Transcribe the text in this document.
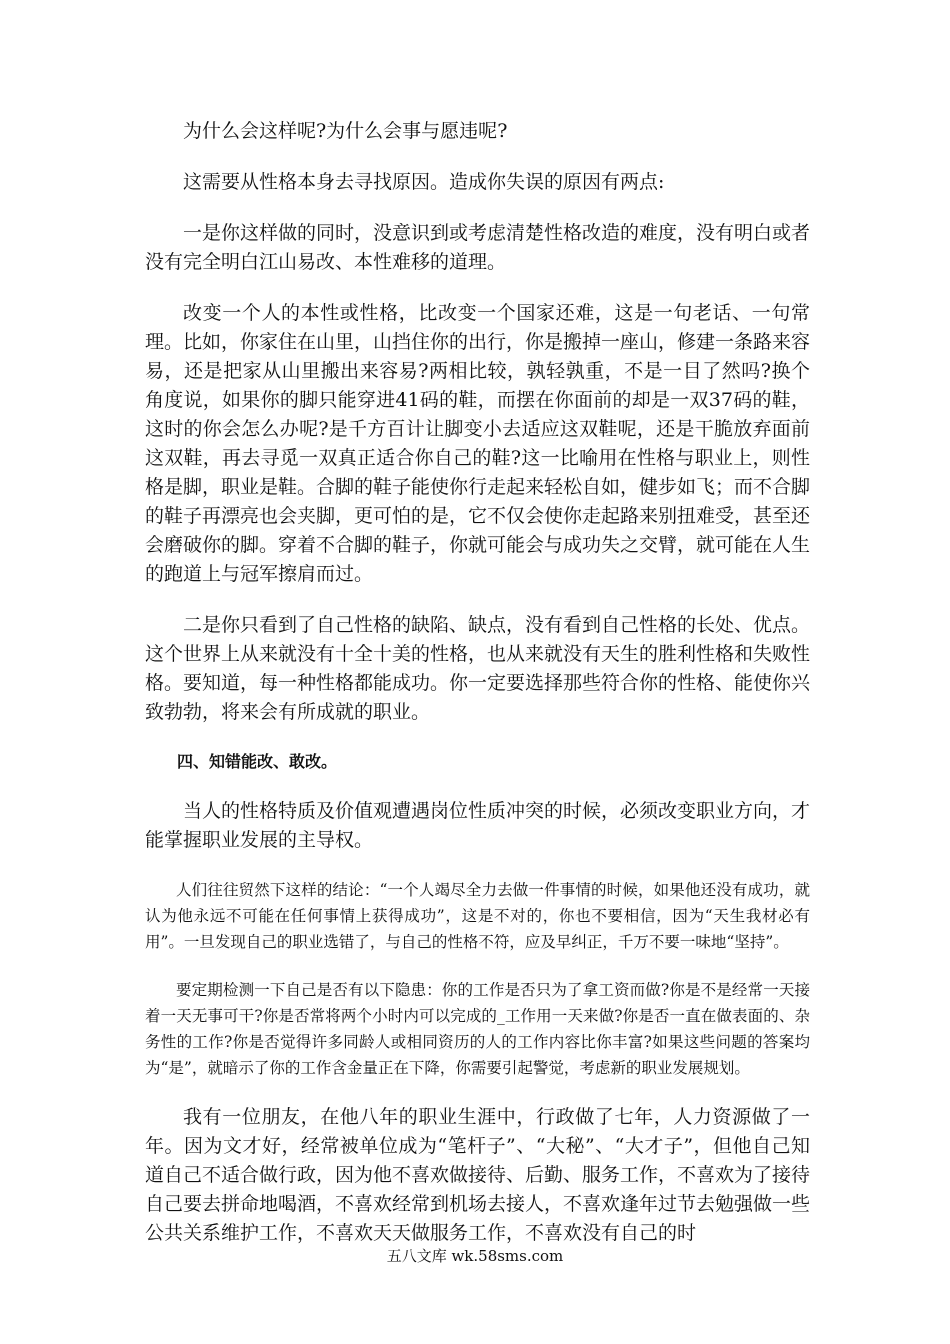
为什么会这样呢?为什么会事与愿违呢?

这需要从性格本身去寻找原因。造成你失误的原因有两点:

一是你这样做的同时，没意识到或考虑清楚性格改造的难度，没有明白或者没有完全明白江山易改、本性难移的道理。

改变一个人的本性或性格，比改变一个国家还难，这是一句老话、一句常理。比如，你家住在山里，山挡住你的出行，你是搬掉一座山，修建一条路来容易，还是把家从山里搬出来容易?两相比较，孰轻孰重，不是一目了然吗?换个角度说，如果你的脚只能穿进41码的鞋，而摆在你面前的却是一双37码的鞋，这时的你会怎么办呢?是千方百计让脚变小去适应这双鞋呢，还是干脆放弃面前这双鞋，再去寻觅一双真正适合你自己的鞋?这一比喻用在性格与职业上，则性格是脚，职业是鞋。合脚的鞋子能使你行走起来轻松自如，健步如飞；而不合脚的鞋子再漂亮也会夹脚，更可怕的是，它不仅会使你走起路来别扭难受，甚至还会磨破你的脚。穿着不合脚的鞋子，你就可能会与成功失之交臂，就可能在人生的跑道上与冠军擦肩而过。

二是你只看到了自己性格的缺陷、缺点，没有看到自己性格的长处、优点。这个世界上从来就没有十全十美的性格，也从来就没有天生的胜利性格和失败性格。要知道，每一种性格都能成功。你一定要选择那些符合你的性格、能使你兴致勃勃，将来会有所成就的职业。

四、知错能改、敢改。

当人的性格特质及价值观遭遇岗位性质冲突的时候，必须改变职业方向，才能掌握职业发展的主导权。

人们往往贸然下这样的结论：“一个人竭尽全力去做一件事情的时候，如果他还没有成功，就认为他永远不可能在任何事情上获得成功”，这是不对的，你也不要相信，因为“天生我材必有用”。一旦发现自己的职业选错了，与自己的性格不符，应及早纠正，千万不要一味地“坚持”。

要定期检测一下自己是否有以下隐患：你的工作是否只为了拿工资而做?你是不是经常一天接着一天无事可干?你是否常将两个小时内可以完成的_工作用一天来做?你是否一直在做表面的、杂务性的工作?你是否觉得许多同龄人或相同资历的人的工作内容比你丰富?如果这些问题的答案均为“是”，就暗示了你的工作含金量正在下降，你需要引起警觉，考虑新的职业发展规划。

我有一位朋友，在他八年的职业生涯中，行政做了七年，人力资源做了一年。因为文才好，经常被单位成为“笔杆子”、“大秘”、“大才子”，但他自己知道自己不适合做行政，因为他不喜欢做接待、后勤、服务工作，不喜欢为了接待自己要去拼命地喝酒，不喜欢经常到机场去接人，不喜欢逢年过节去勉强做一些公共关系维护工作，不喜欢天天做服务工作，不喜欢没有自己的时

五八文库 wk.58sms.com
